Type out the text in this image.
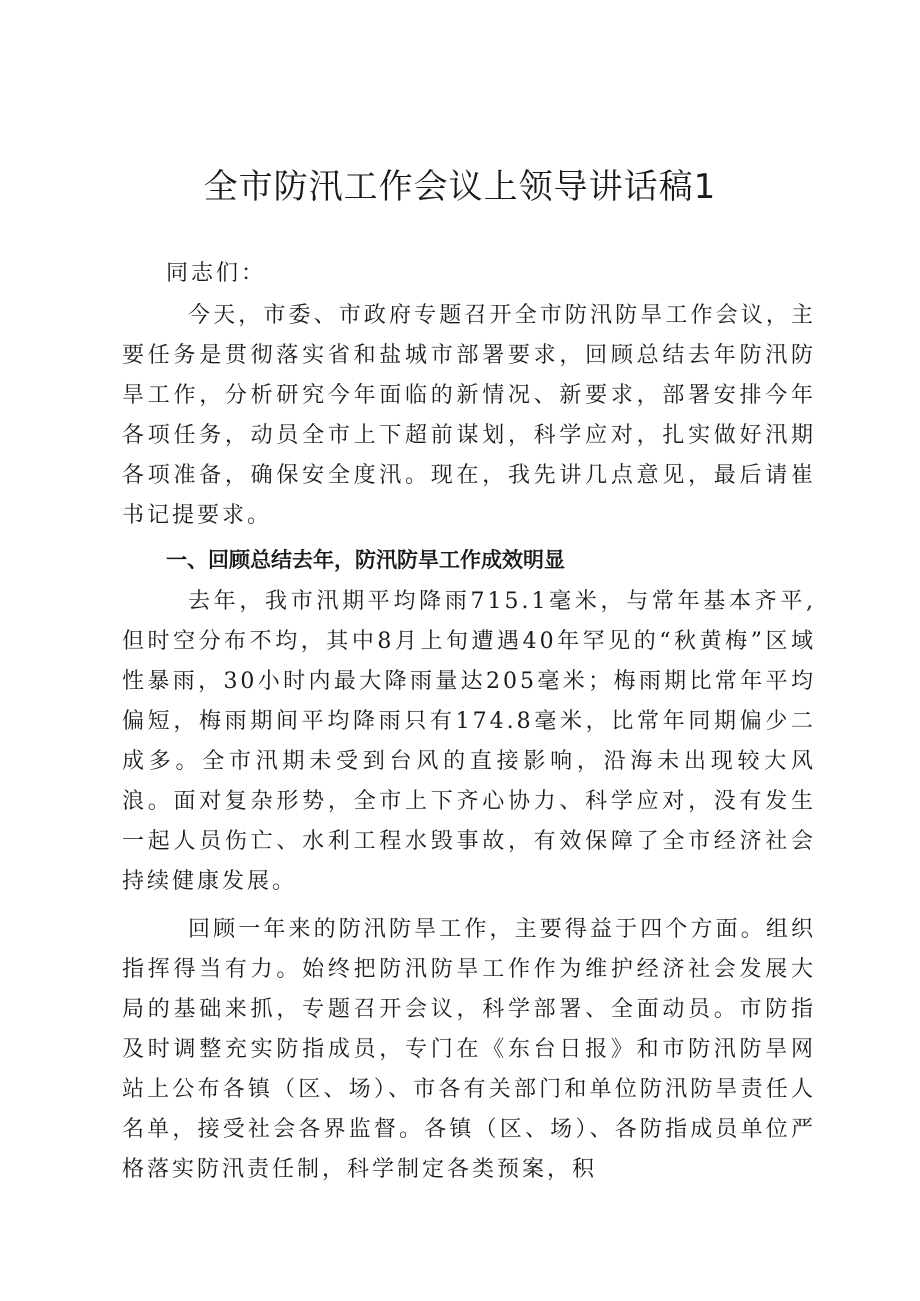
全市防汛工作会议上领导讲话稿1

同志们：

今天，市委、市政府专题召开全市防汛防旱工作会议，主要任务是贯彻落实省和盐城市部署要求，回顾总结去年防汛防旱工作，分析研究今年面临的新情况、新要求，部署安排今年各项任务，动员全市上下超前谋划，科学应对，扎实做好汛期各项准备，确保安全度汛。现在，我先讲几点意见，最后请崔书记提要求。

一、回顾总结去年，防汛防旱工作成效明显

去年，我市汛期平均降雨715.1毫米，与常年基本齐平,但时空分布不均，其中8月上旬遭遇40年罕见的“秋黄梅”区域性暴雨，30小时内最大降雨量达205毫米；梅雨期比常年平均偏短，梅雨期间平均降雨只有174.8毫米，比常年同期偏少二成多。全市汛期未受到台风的直接影响，沿海未出现较大风浪。面对复杂形势，全市上下齐心协力、科学应对，没有发生一起人员伤亡、水利工程水毁事故，有效保障了全市经济社会持续健康发展。

回顾一年来的防汛防旱工作，主要得益于四个方面。组织指挥得当有力。始终把防汛防旱工作作为维护经济社会发展大局的基础来抓，专题召开会议，科学部署、全面动员。市防指及时调整充实防指成员，专门在《东台日报》和市防汛防旱网站上公布各镇（区、场）、市各有关部门和单位防汛防旱责任人名单，接受社会各界监督。各镇（区、场）、各防指成员单位严格落实防汛责任制，科学制定各类预案，积
